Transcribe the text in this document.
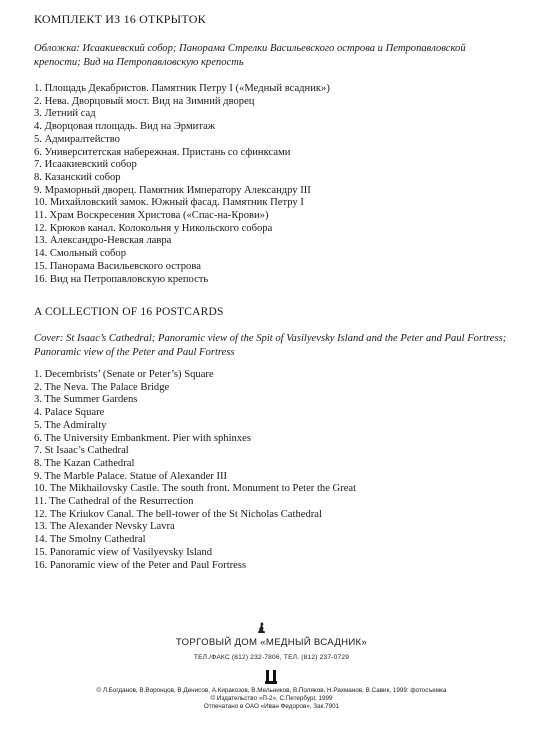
КОМПЛЕКТ ИЗ 16 ОТКРЫТОК
Обложка: Исаакиевский собор; Панорама Стрелки Васильевского острова и Петропавловской
крепости; Вид на Петропавловскую крепость
1. Площадь Декабристов. Памятник Петру I («Медный всадник»)
2. Нева. Дворцовый мост. Вид на Зимний дворец
3. Летний сад
4. Дворцовая площадь. Вид на Эрмитаж
5. Адмиралтейство
6. Университетская набережная. Пристань со сфинксами
7. Исаакиевский собор
8. Казанский собор
9. Мраморный дворец. Памятник Императору Александру III
10. Михайловский замок. Южный фасад. Памятник Петру I
11. Храм Воскресения Христова («Спас-на-Крови»)
12. Крюков канал. Колокольня у Никольского собора
13. Александро-Невская лавра
14. Смольный собор
15. Панорама Васильевского острова
16. Вид на Петропавловскую крепость
A COLLECTION OF 16 POSTCARDS
Cover: St Isaac’s Cathedral; Panoramic view of the Spit of Vasilyevsky Island and the Peter and Paul Fortress;
Panoramic view of the Peter and Paul Fortress
1. Decembrists’ (Senate or Peter’s) Square
2. The Neva. The Palace Bridge
3. The Summer Gardens
4. Palace Square
5. The Admiralty
6. The University Embankment. Pier with sphinxes
7. St Isaac’s Cathedral
8. The Kazan Cathedral
9. The Marble Palace. Statue of Alexander III
10. The Mikhailovsky Castle. The south front. Monument to Peter the Great
11. The Cathedral of the Resurrection
12. The Kriukov Canal. The bell-tower of the St Nicholas Cathedral
13. The Alexander Nevsky Lavra
14. The Smolny Cathedral
15. Panoramic view of Vasilyevsky Island
16. Panoramic view of the Peter and Paul Fortress
ТОРГОВЫЙ ДОМ «МЕДНЫЙ ВСАДНИК»
ТЕЛ./ФАКС (812) 232-7806, ТЕЛ. (812) 237-0729
© Л.Богданов, В.Воронцов, В.Денисов, А.Киракозов, В.Мельников, В.Поляков, Н.Рахманов, В.Савик, 1999: фотосъемка
© Издательство «П-2», С.Петербург, 1999
Отпечатано в ОАО «Иван Федоров», Зак.7901
